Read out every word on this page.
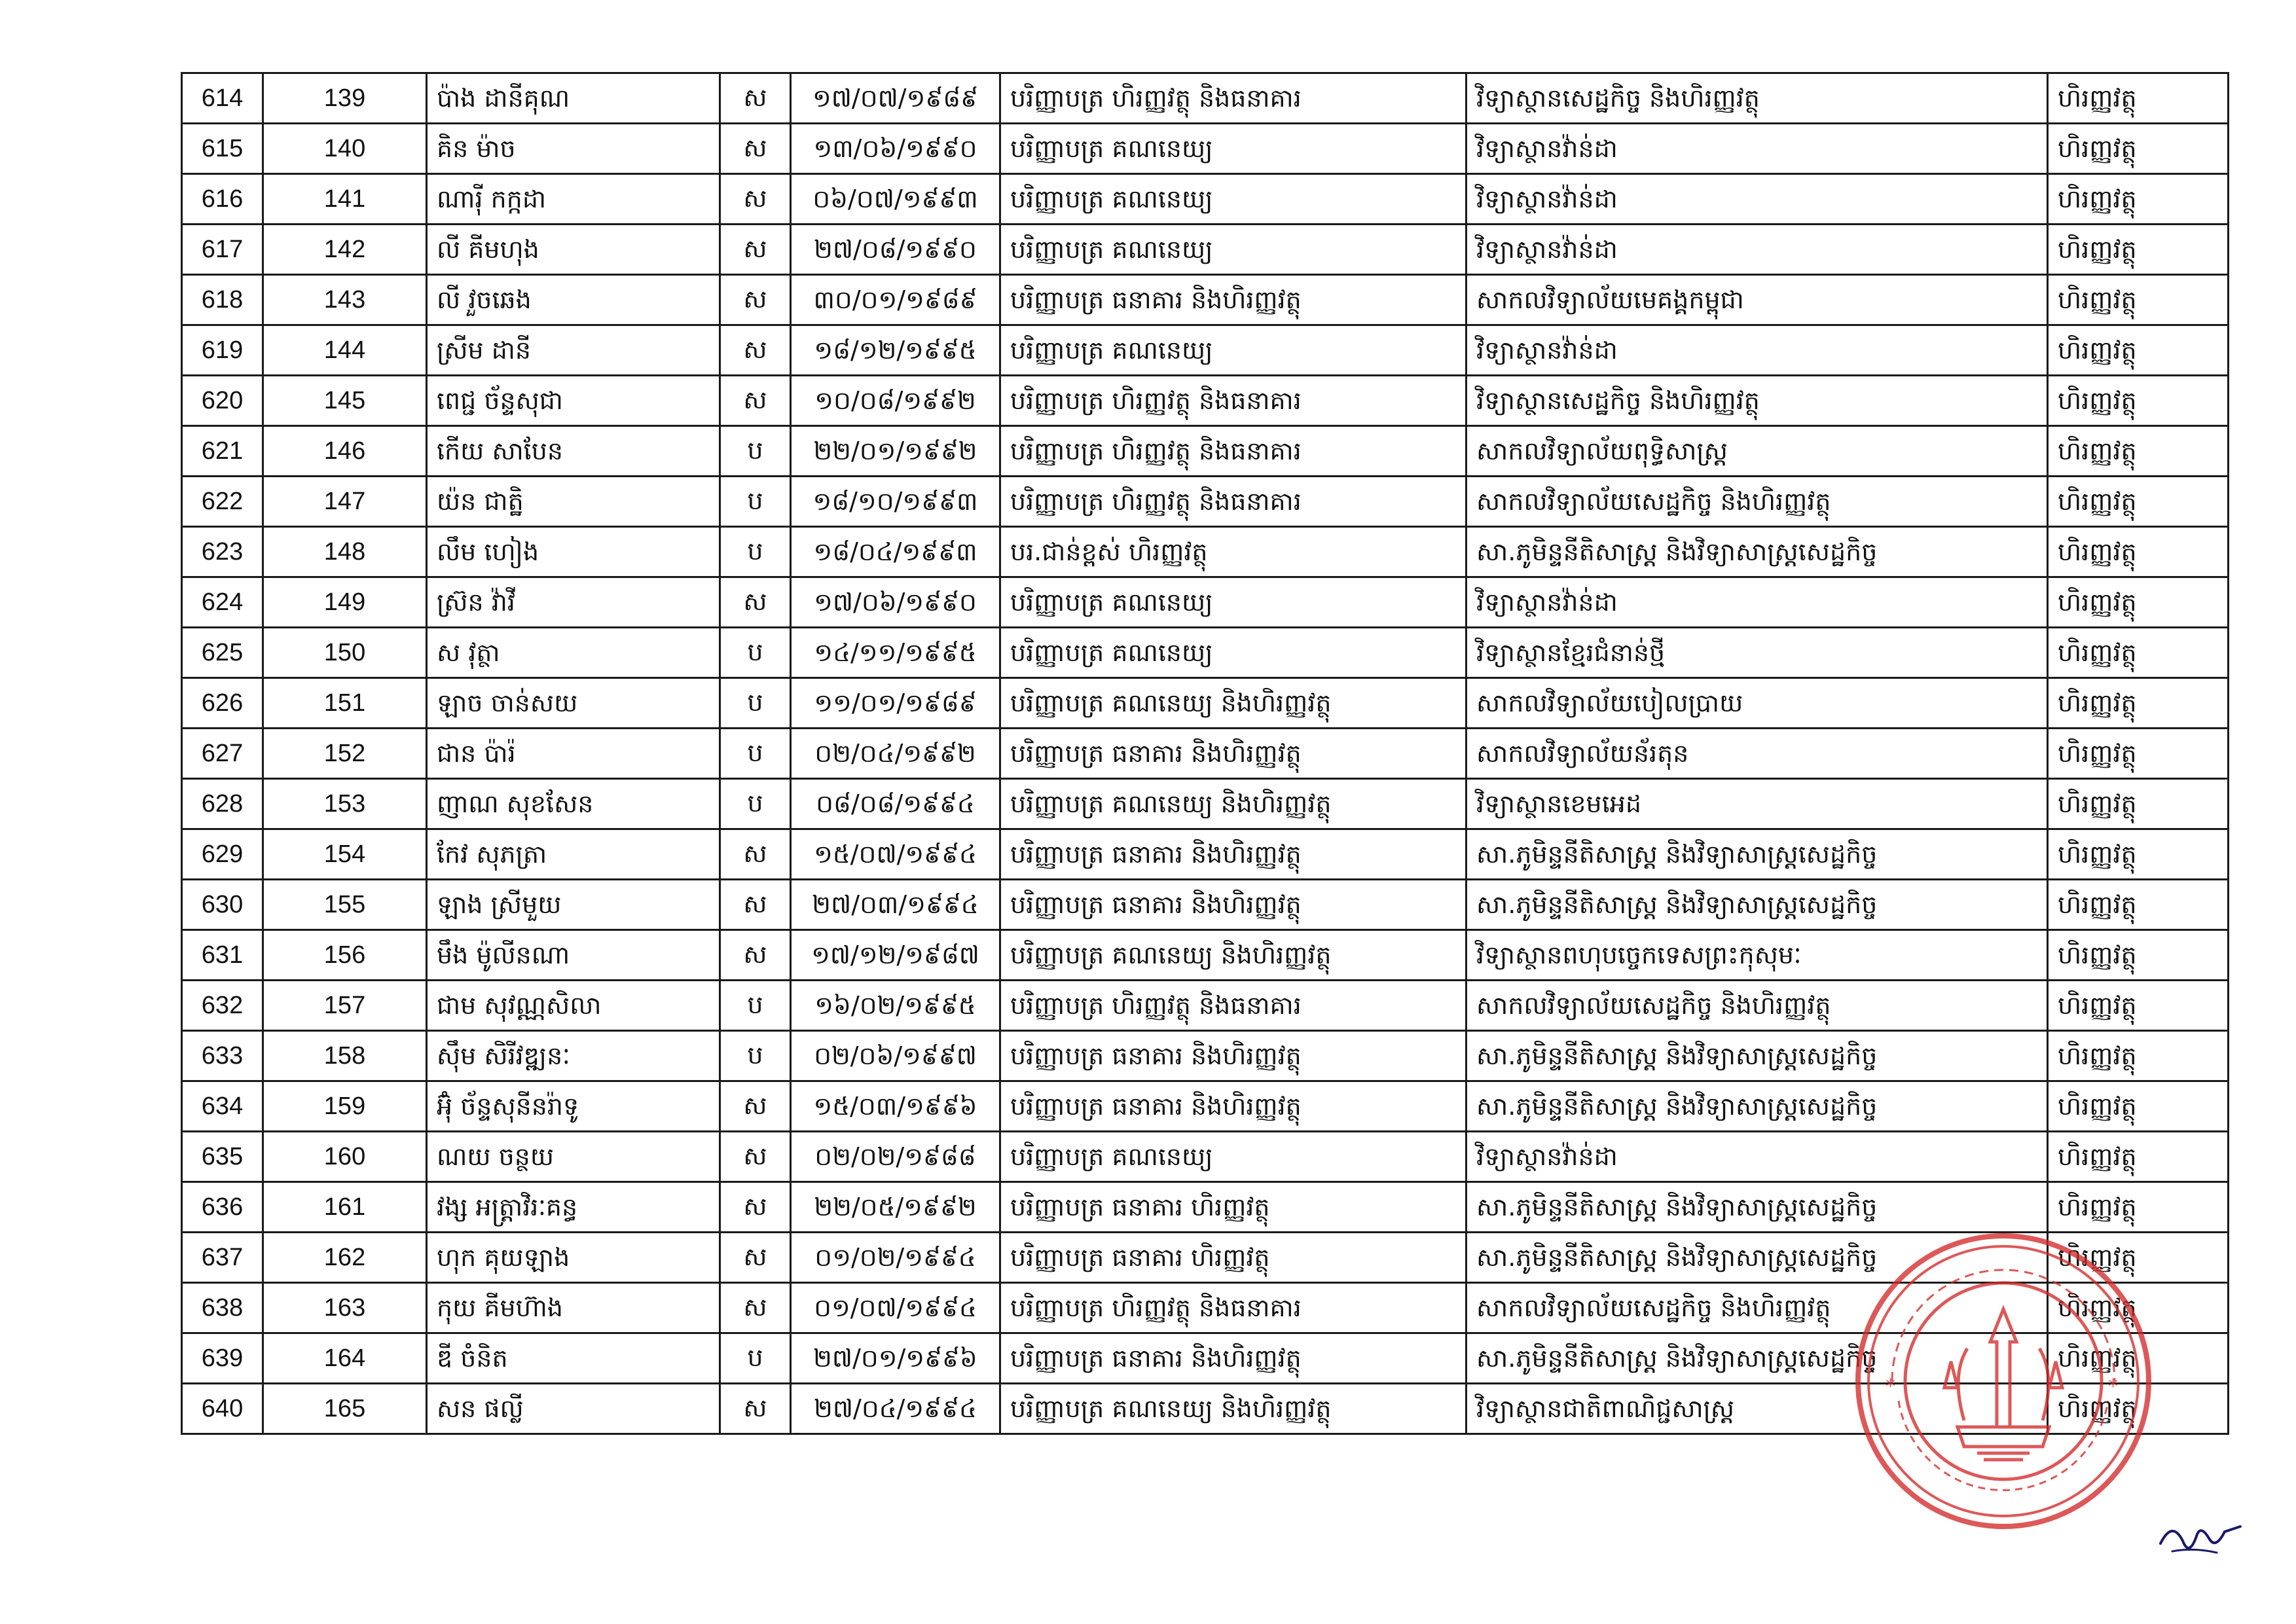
614	139	ប៉ាង ដានីគុណ	ស	១៧/០៧/១៩៨៩	បរិញ្ញាបត្រ ហិរញ្ញវត្ថុ និងធនាគារ	វិទ្យាស្ថានសេដ្ឋកិច្ច និងហិរញ្ញវត្ថុ	ហិរញ្ញវត្ថុ
615	140	គិន ម៉ាច	ស	១៣/០៦/១៩៩០	បរិញ្ញាបត្រ គណនេយ្យ	វិទ្យាស្ថានវ៉ាន់ដា	ហិរញ្ញវត្ថុ
616	141	ណារ៉ី កក្កដា	ស	០៦/០៧/១៩៩៣	បរិញ្ញាបត្រ គណនេយ្យ	វិទ្យាស្ថានវ៉ាន់ដា	ហិរញ្ញវត្ថុ
617	142	លី គីមហុង	ស	២៧/០៨/១៩៩០	បរិញ្ញាបត្រ គណនេយ្យ	វិទ្យាស្ថានវ៉ាន់ដា	ហិរញ្ញវត្ថុ
618	143	លី វួចឆេង	ស	៣០/០១/១៩៨៩	បរិញ្ញាបត្រ ធនាគារ និងហិរញ្ញវត្ថុ	សាកលវិទ្យាល័យមេគង្គកម្ពុជា	ហិរញ្ញវត្ថុ
619	144	ស្រីម ដានី	ស	១៨/១២/១៩៩៥	បរិញ្ញាបត្រ គណនេយ្យ	វិទ្យាស្ថានវ៉ាន់ដា	ហិរញ្ញវត្ថុ
620	145	ពេជ្ជ ច័ន្ទសុជា	ស	១០/០៨/១៩៩២	បរិញ្ញាបត្រ ហិរញ្ញវត្ថុ និងធនាគារ	វិទ្យាស្ថានសេដ្ឋកិច្ច និងហិរញ្ញវត្ថុ	ហិរញ្ញវត្ថុ
621	146	កើយ សាបែន	ប	២២/០១/១៩៩២	បរិញ្ញាបត្រ ហិរញ្ញវត្ថុ និងធនាគារ	សាកលវិទ្យាល័យពុទ្ធិសាស្ត្រ	ហិរញ្ញវត្ថុ
622	147	យ៉ន ជាត្ឋិ	ប	១៨/១០/១៩៩៣	បរិញ្ញាបត្រ ហិរញ្ញវត្ថុ និងធនាគារ	សាកលវិទ្យាល័យសេដ្ឋកិច្ច និងហិរញ្ញវត្ថុ	ហិរញ្ញវត្ថុ
623	148	លឹម ហៀង	ប	១៨/០៤/១៩៩៣	បរ.ជាន់ខ្ពស់ ហិរញ្ញវត្ថុ	សា.ភូមិន្ទនីតិសាស្ត្រ និងវិទ្យាសាស្ត្រសេដ្ឋកិច្ច	ហិរញ្ញវត្ថុ
624	149	ស្រ៊ន វ៉ាវី	ស	១៧/០៦/១៩៩០	បរិញ្ញាបត្រ គណនេយ្យ	វិទ្យាស្ថានវ៉ាន់ដា	ហិរញ្ញវត្ថុ
625	150	ស វុត្ថា	ប	១៤/១១/១៩៩៥	បរិញ្ញាបត្រ គណនេយ្យ	វិទ្យាស្ថានខ្មែរជំនាន់ថ្មី	ហិរញ្ញវត្ថុ
626	151	ឡាច ចាន់សយ	ប	១១/០១/១៩៨៩	បរិញ្ញាបត្រ គណនេយ្យ និងហិរញ្ញវត្ថុ	សាកលវិទ្យាល័យបៀលប្រាយ	ហិរញ្ញវត្ថុ
627	152	ជាន ប៉ារ៉	ប	០២/០៤/១៩៩២	បរិញ្ញាបត្រ ធនាគារ និងហិរញ្ញវត្ថុ	សាកលវិទ្យាល័យន័រតុន	ហិរញ្ញវត្ថុ
628	153	ញាណ សុខសែន	ប	០៨/០៨/១៩៩៤	បរិញ្ញាបត្រ គណនេយ្យ និងហិរញ្ញវត្ថុ	វិទ្យាស្ថានខេមអេដ	ហិរញ្ញវត្ថុ
629	154	កែវ សុភត្រា	ស	១៥/០៧/១៩៩៤	បរិញ្ញាបត្រ ធនាគារ និងហិរញ្ញវត្ថុ	សា.ភូមិន្ទនីតិសាស្ត្រ និងវិទ្យាសាស្ត្រសេដ្ឋកិច្ច	ហិរញ្ញវត្ថុ
630	155	ឡាង ស្រីមួយ	ស	២៧/០៣/១៩៩៤	បរិញ្ញាបត្រ ធនាគារ និងហិរញ្ញវត្ថុ	សា.ភូមិន្ទនីតិសាស្ត្រ និងវិទ្យាសាស្ត្រសេដ្ឋកិច្ច	ហិរញ្ញវត្ថុ
631	156	មឹង ម៉ូលីនណា	ស	១៧/១២/១៩៨៧	បរិញ្ញាបត្រ គណនេយ្យ និងហិរញ្ញវត្ថុ	វិទ្យាស្ថានពហុបច្ចេកទេសព្រះកុសុមៈ	ហិរញ្ញវត្ថុ
632	157	ជាម សុវណ្ណសិលា	ប	១៦/០២/១៩៩៥	បរិញ្ញាបត្រ ហិរញ្ញវត្ថុ និងធនាគារ	សាកលវិទ្យាល័យសេដ្ឋកិច្ច និងហិរញ្ញវត្ថុ	ហិរញ្ញវត្ថុ
633	158	ស៊ឹម សិរីវឌ្ឍនៈ	ប	០២/០៦/១៩៩៧	បរិញ្ញាបត្រ ធនាគារ និងហិរញ្ញវត្ថុ	សា.ភូមិន្ទនីតិសាស្ត្រ និងវិទ្យាសាស្ត្រសេដ្ឋកិច្ច	ហិរញ្ញវត្ថុ
634	159	អ៊ុំ ច័ន្ទសុនីនរ៉ាទូ	ស	១៥/០៣/១៩៩៦	បរិញ្ញាបត្រ ធនាគារ និងហិរញ្ញវត្ថុ	សា.ភូមិន្ទនីតិសាស្ត្រ និងវិទ្យាសាស្ត្រសេដ្ឋកិច្ច	ហិរញ្ញវត្ថុ
635	160	ណយ ចន្ថយ	ស	០២/០២/១៩៨៨	បរិញ្ញាបត្រ គណនេយ្យ	វិទ្យាស្ថានវ៉ាន់ដា	ហិរញ្ញវត្ថុ
636	161	វង្ស អត្ត្រាវិរៈគន្ធ	ស	២២/០៥/១៩៩២	បរិញ្ញាបត្រ ធនាគារ ហិរញ្ញវត្ថុ	សា.ភូមិន្ទនីតិសាស្ត្រ និងវិទ្យាសាស្ត្រសេដ្ឋកិច្ច	ហិរញ្ញវត្ថុ
637	162	ហុក គុយឡាង	ស	០១/០២/១៩៩៤	បរិញ្ញាបត្រ ធនាគារ ហិរញ្ញវត្ថុ	សា.ភូមិន្ទនីតិសាស្ត្រ និងវិទ្យាសាស្ត្រសេដ្ឋកិច្ច	ហិរញ្ញវត្ថុ
638	163	កុយ គីមហ៊ាង	ស	០១/០៧/១៩៩៤	បរិញ្ញាបត្រ ហិរញ្ញវត្ថុ និងធនាគារ	សាកលវិទ្យាល័យសេដ្ឋកិច្ច និងហិរញ្ញវត្ថុ	ហិរញ្ញវត្ថុ
639	164	ឌី ចំនិត	ប	២៧/០១/១៩៩៦	បរិញ្ញាបត្រ ធនាគារ និងហិរញ្ញវត្ថុ	សា.ភូមិន្ទនីតិសាស្ត្រ និងវិទ្យាសាស្ត្រសេដ្ឋកិច្ច	ហិរញ្ញវត្ថុ
640	165	សន ផល្លី	ស	២៧/០៤/១៩៩៤	បរិញ្ញាបត្រ គណនេយ្យ និងហិរញ្ញវត្ថុ	វិទ្យាស្ថានជាតិពាណិជ្ជសាស្ត្រ	ហិរញ្ញវត្ថុ
*	*
